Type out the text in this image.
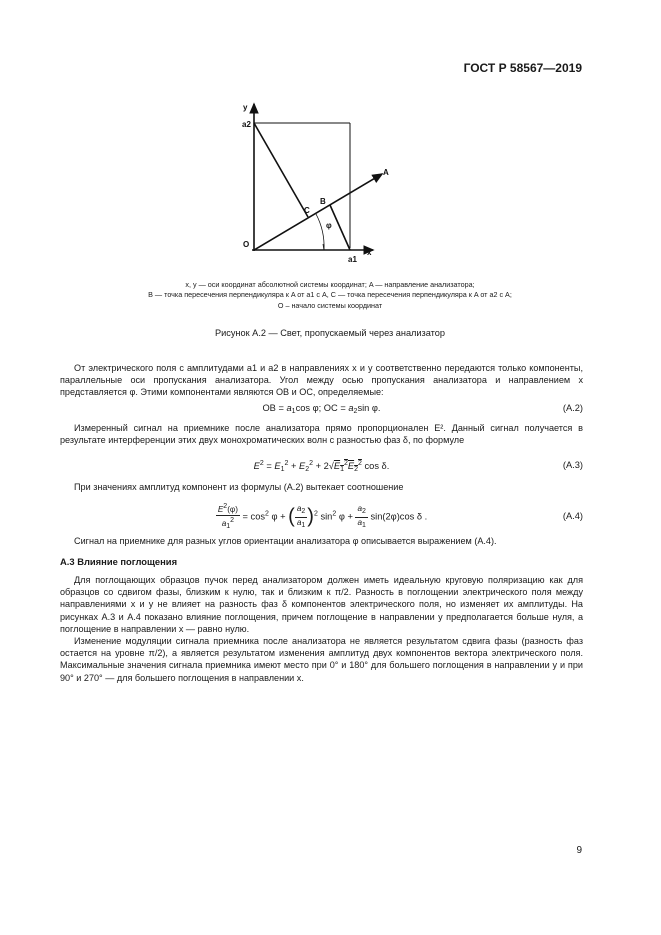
ГОСТ Р 58567—2019
y
a2
A
B
C
φ
O
x
a1
x, y — оси координат абсолютной системы координат; A — направление анализатора;
B — точка пересечения перпендикуляра к A от a1 с A, C — точка пересечения перпендикуляра к A от a2 с A;
O – начало системы координат
Рисунок А.2 — Свет, пропускаемый через анализатор
От электрического поля с амплитудами a1 и a2 в направлениях x и y соответственно передаются только компоненты, параллельные оси пропускания анализатора. Угол между осью пропускания анализатора и направлением x представляется φ. Этими компонентами являются OB и OC, определяемые:
OB = $a_1\cos$ φ; OC = $a_2\sin$ φ.	(A.2)
Измеренный сигнал на приемнике после анализатора прямо пропорционален E². Данный сигнал получается в результате интерференции этих двух монохроматических волн с разностью фаз δ, по формуле
$E^2 = E_1^2 + E_2^2 + 2√E_1^2E_2^2$ cos δ.	(A.3)
При значениях амплитуд компонент из формулы (A.2) вытекает соотношение
$\frac{E2(\varphi)}{a12} = \cos^2 \varphi$ + ( $\frac{a2}{a1} )^2$ $\sin^2 \varphi + \frac{a2}{a1} \sin(2\varphi)\cos$ δ .	(A.4)
Сигнал на приемнике для разных углов ориентации анализатора φ описывается выражением (A.4).
А.3 Влияние поглощения
Для поглощающих образцов пучок перед анализатором должен иметь идеальную круговую поляризацию как для образцов со сдвигом фазы, близким к нулю, так и близким к π/2. Разность в поглощении электрического поля между направлениями x и y не влияет на разность фаз δ компонентов электрического поля, но изменяет их амплитуды. На рисунках A.3 и A.4 показано влияние поглощения, причем поглощение в направлении y предполагается больше нуля, а поглощение в направлении x — равно нулю.
Изменение модуляции сигнала приемника после анализатора не является результатом сдвига фазы (разность фаз остается на уровне π/2), а является результатом изменения амплитуд двух компонентов вектора электрического поля. Максимальные значения сигнала приемника имеют место при 0° и 180° для большего поглощения в направлении y и при 90° и 270° — для большего поглощения в направлении x.
9
